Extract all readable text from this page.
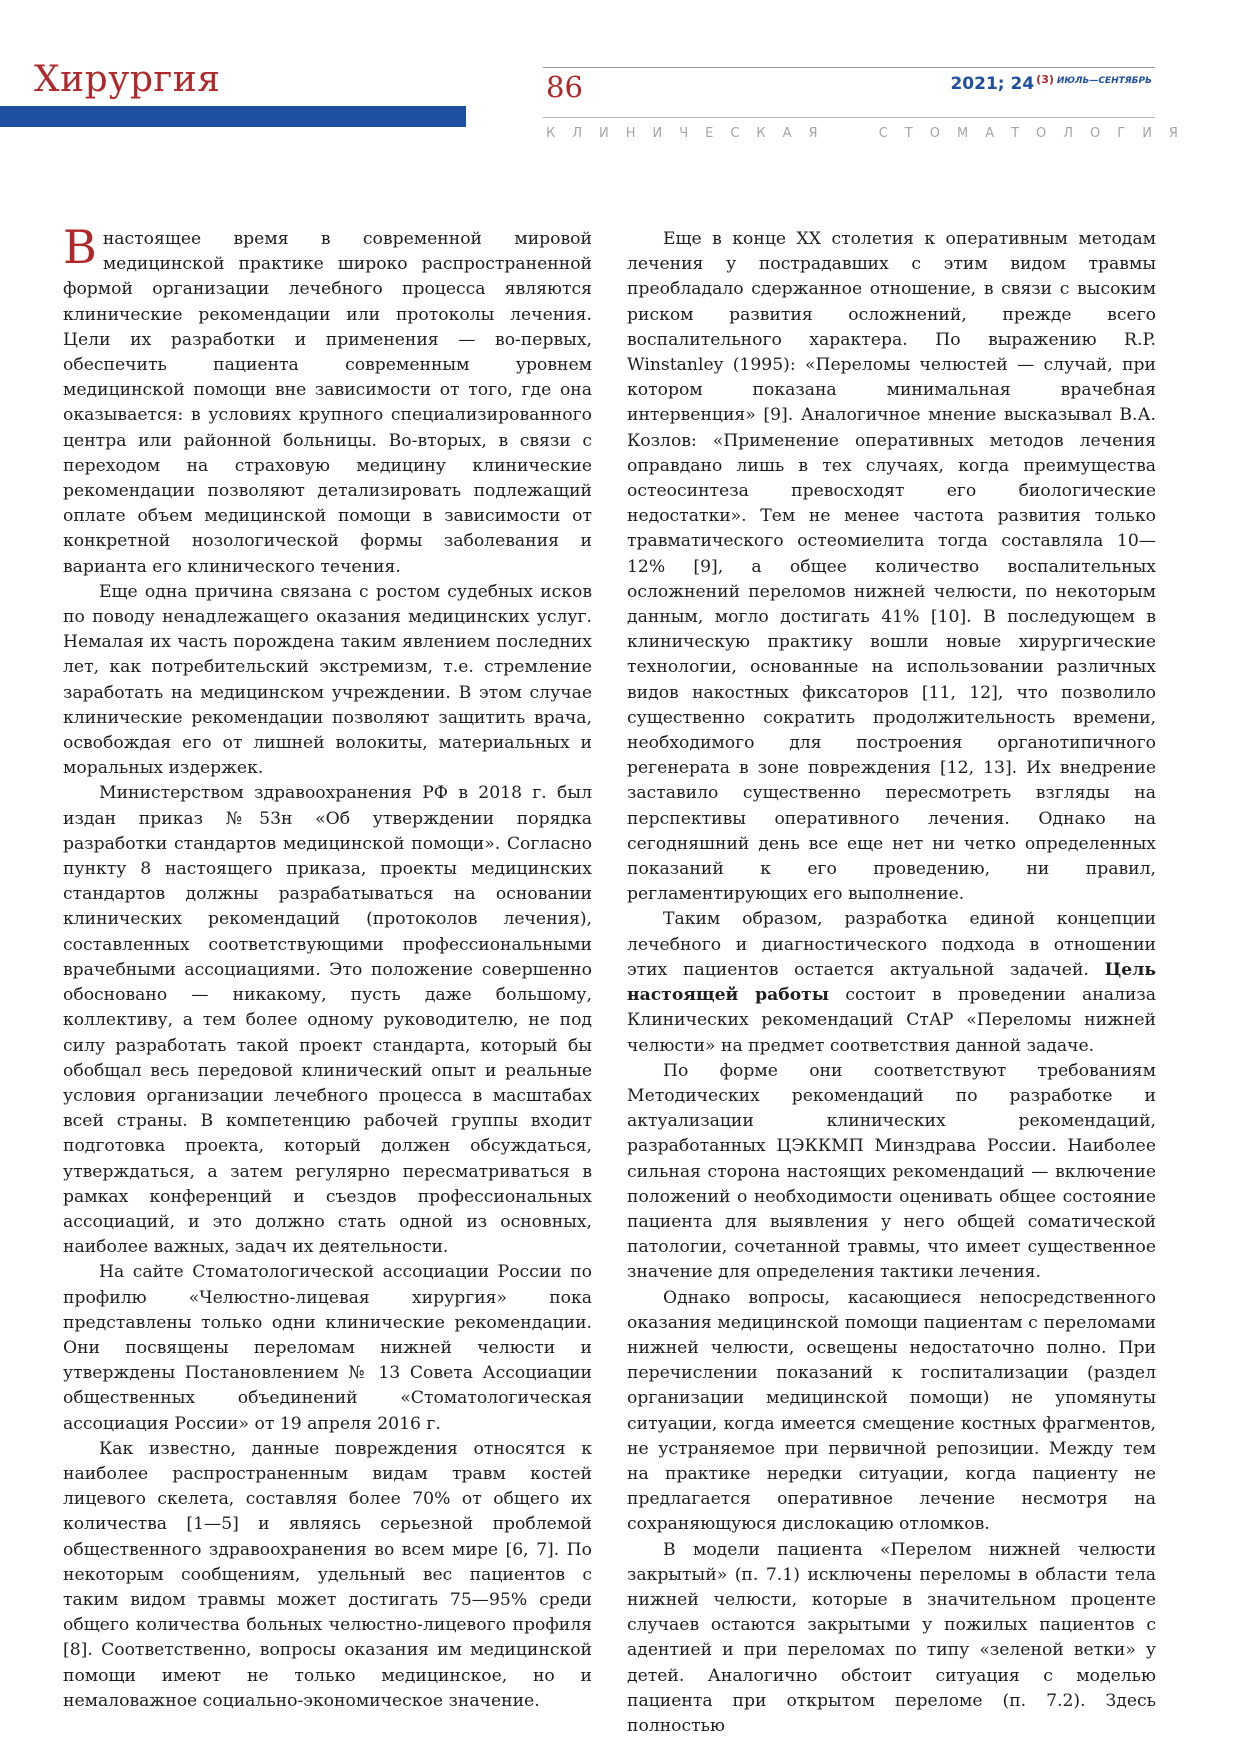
Хирургия	86	2021; 24 $^{(3)}$ $^{ИЮЛЬ—СЕНТЯБРЬ}$
КЛИНИЧЕСКАЯ	СТОМАТОЛОГИЯ

В настоящее время в современной мировой медицинской практике широко распространенной формой организации лечебного процесса являются клинические рекомендации или протоколы лечения. Цели их разработки и применения — во-первых, обеспечить пациента современным уровнем медицинской помощи вне зависимости от того, где она оказывается: в условиях крупного специализированного центра или районной больницы. Во-вторых, в связи с переходом на страховую медицину клинические рекомендации позволяют детализировать подлежащий оплате объем медицинской помощи в зависимости от конкретной нозологической формы заболевания и варианта его клинического течения.

Еще одна причина связана с ростом судебных исков по поводу ненадлежащего оказания медицинских услуг. Немалая их часть порождена таким явлением последних лет, как потребительский экстремизм, т.е. стремление заработать на медицинском учреждении. В этом случае клинические рекомендации позволяют защитить врача, освобождая его от лишней волокиты, материальных и моральных издержек.

Министерством здравоохранения РФ в 2018 г. был издан приказ №53н «Об утверждении порядка разработки стандартов медицинской помощи». Согласно пункту 8 настоящего приказа, проекты медицинских стандартов должны разрабатываться на основании клинических рекомендаций (протоколов лечения), составленных соответствующими профессиональными врачебными ассоциациями. Это положение совершенно обосновано — никакому, пусть даже большому, коллективу, а тем более одному руководителю, не под силу разработать такой проект стандарта, который бы обобщал весь передовой клинический опыт и реальные условия организации лечебного процесса в масштабах всей страны. В компетенцию рабочей группы входит подготовка проекта, который должен обсуждаться, утверждаться, а затем регулярно пересматриваться в рамках конференций и съездов профессиональных ассоциаций, и это должно стать одной из основных, наиболее важных, задач их деятельности.

На сайте Стоматологической ассоциации России по профилю «Челюстно-лицевая хирургия» пока представлены только одни клинические рекомендации. Они посвящены переломам нижней челюсти и утверждены Постановлением № 13 Совета Ассоциации общественных объединений «Стоматологическая ассоциация России» от 19 апреля 2016 г.

Как известно, данные повреждения относятся к наиболее распространенным видам травм костей лицевого скелета, составляя более 70% от общего их количества [1—5] и являясь серьезной проблемой общественного здравоохранения во всем мире [6, 7]. По некоторым сообщениям, удельный вес пациентов с таким видом травмы может достигать 75—95% среди общего количества больных челюстно-лицевого профиля [8]. Соответственно, вопросы оказания им медицинской помощи имеют не только медицинское, но и немаловажное социально-экономическое значение.

Еще в конце XX столетия к оперативным методам лечения у пострадавших с этим видом травмы преобладало сдержанное отношение, в связи с высоким риском развития осложнений, прежде всего воспалительного характера. По выражению R.P. Winstanley (1995): «Переломы челюстей — случай, при котором показана минимальная врачебная интервенция» [9]. Аналогичное мнение высказывал В.А. Козлов: «Применение оперативных методов лечения оправдано лишь в тех случаях, когда преимущества остеосинтеза превосходят его биологические недостатки». Тем не менее частота развития только травматического остеомиелита тогда составляла 10—12% [9], а общее количество воспалительных осложнений переломов нижней челюсти, по некоторым данным, могло достигать 41% [10]. В последующем в клиническую практику вошли новые хирургические технологии, основанные на использовании различных видов накостных фиксаторов [11, 12], что позволило существенно сократить продолжительность времени, необходимого для построения органотипичного регенерата в зоне повреждения [12, 13]. Их внедрение заставило существенно пересмотреть взгляды на перспективы оперативного лечения. Однако на сегодняшний день все еще нет ни четко определенных показаний к его проведению, ни правил, регламентирующих его выполнение.

Таким образом, разработка единой концепции лечебного и диагностического подхода в отношении этих пациентов остается актуальной задачей. Цель настоящей работы состоит в проведении анализа Клинических рекомендаций СтАР «Переломы нижней челюсти» на предмет соответствия данной задаче.

По форме они соответствуют требованиям Методических рекомендаций по разработке и актуализации клинических рекомендаций, разработанных ЦЭККМП Минздрава России. Наиболее сильная сторона настоящих рекомендаций — включение положений о необходимости оценивать общее состояние пациента для выявления у него общей соматической патологии, сочетанной травмы, что имеет существенное значение для определения тактики лечения.

Однако вопросы, касающиеся непосредственного оказания медицинской помощи пациентам с переломами нижней челюсти, освещены недостаточно полно. При перечислении показаний к госпитализации (раздел организации медицинской помощи) не упомянуты ситуации, когда имеется смещение костных фрагментов, не устраняемое при первичной репозиции. Между тем на практике нередки ситуации, когда пациенту не предлагается оперативное лечение несмотря на сохраняющуюся дислокацию отломков.

В модели пациента «Перелом нижней челюсти закрытый» (п. 7.1) исключены переломы в области тела нижней челюсти, которые в значительном проценте случаев остаются закрытыми у пожилых пациентов с адентией и при переломах по типу «зеленой ветки» у детей. Аналогично обстоит ситуация с моделью пациента при открытом переломе (п. 7.2). Здесь полностью
